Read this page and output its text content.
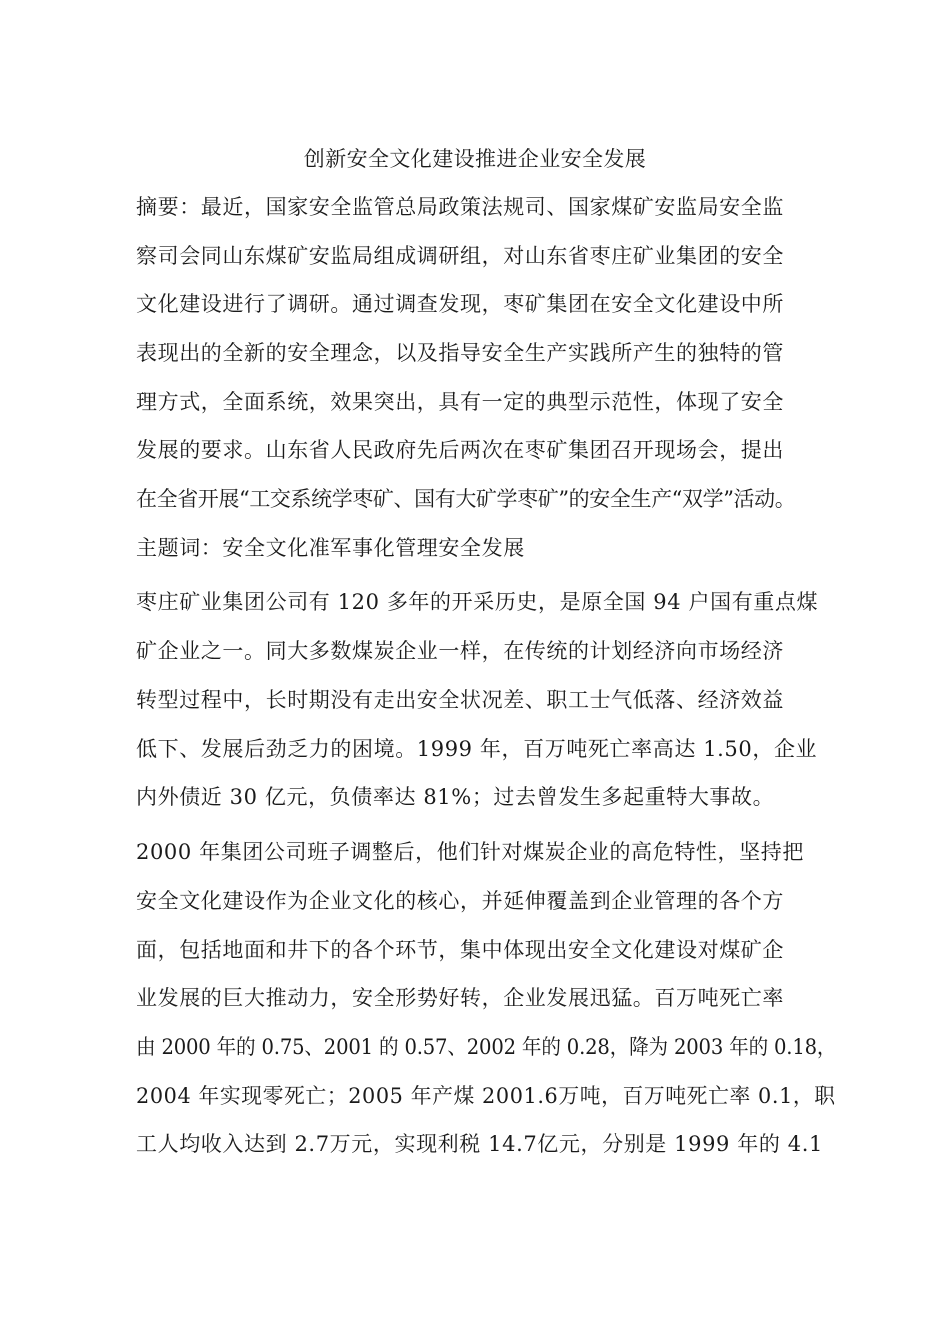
创新安全文化建设推进企业安全发展
摘要：最近，国家安全监管总局政策法规司、国家煤矿安监局安全监
察司会同山东煤矿安监局组成调研组，对山东省枣庄矿业集团的安全
文化建设进行了调研。通过调查发现，枣矿集团在安全文化建设中所
表现出的全新的安全理念，以及指导安全生产实践所产生的独特的管
理方式，全面系统，效果突出，具有一定的典型示范性，体现了安全
发展的要求。山东省人民政府先后两次在枣矿集团召开现场会，提出
在全省开展“工交系统学枣矿、国有大矿学枣矿”的安全生产“双学”活动。
主题词：安全文化准军事化管理安全发展
枣庄矿业集团公司有 120 多年的开采历史，是原全国 94 户国有重点煤
矿企业之一。同大多数煤炭企业一样，在传统的计划经济向市场经济
转型过程中，长时期没有走出安全状况差、职工士气低落、经济效益
低下、发展后劲乏力的困境。1999 年，百万吨死亡率高达 1.50，企业
内外债近 30 亿元，负债率达 81%；过去曾发生多起重特大事故。
2000 年集团公司班子调整后，他们针对煤炭企业的高危特性，坚持把
安全文化建设作为企业文化的核心，并延伸覆盖到企业管理的各个方
面，包括地面和井下的各个环节，集中体现出安全文化建设对煤矿企
业发展的巨大推动力，安全形势好转，企业发展迅猛。百万吨死亡率
由 2000 年的 0.75、2001 的 0.57、2002 年的 0.28，降为 2003 年的 0.18，
2004 年实现零死亡；2005 年产煤 2001.6万吨，百万吨死亡率 0.1，职
工人均收入达到 2.7万元，实现利税 14.7亿元，分别是 1999 年的 4.1
